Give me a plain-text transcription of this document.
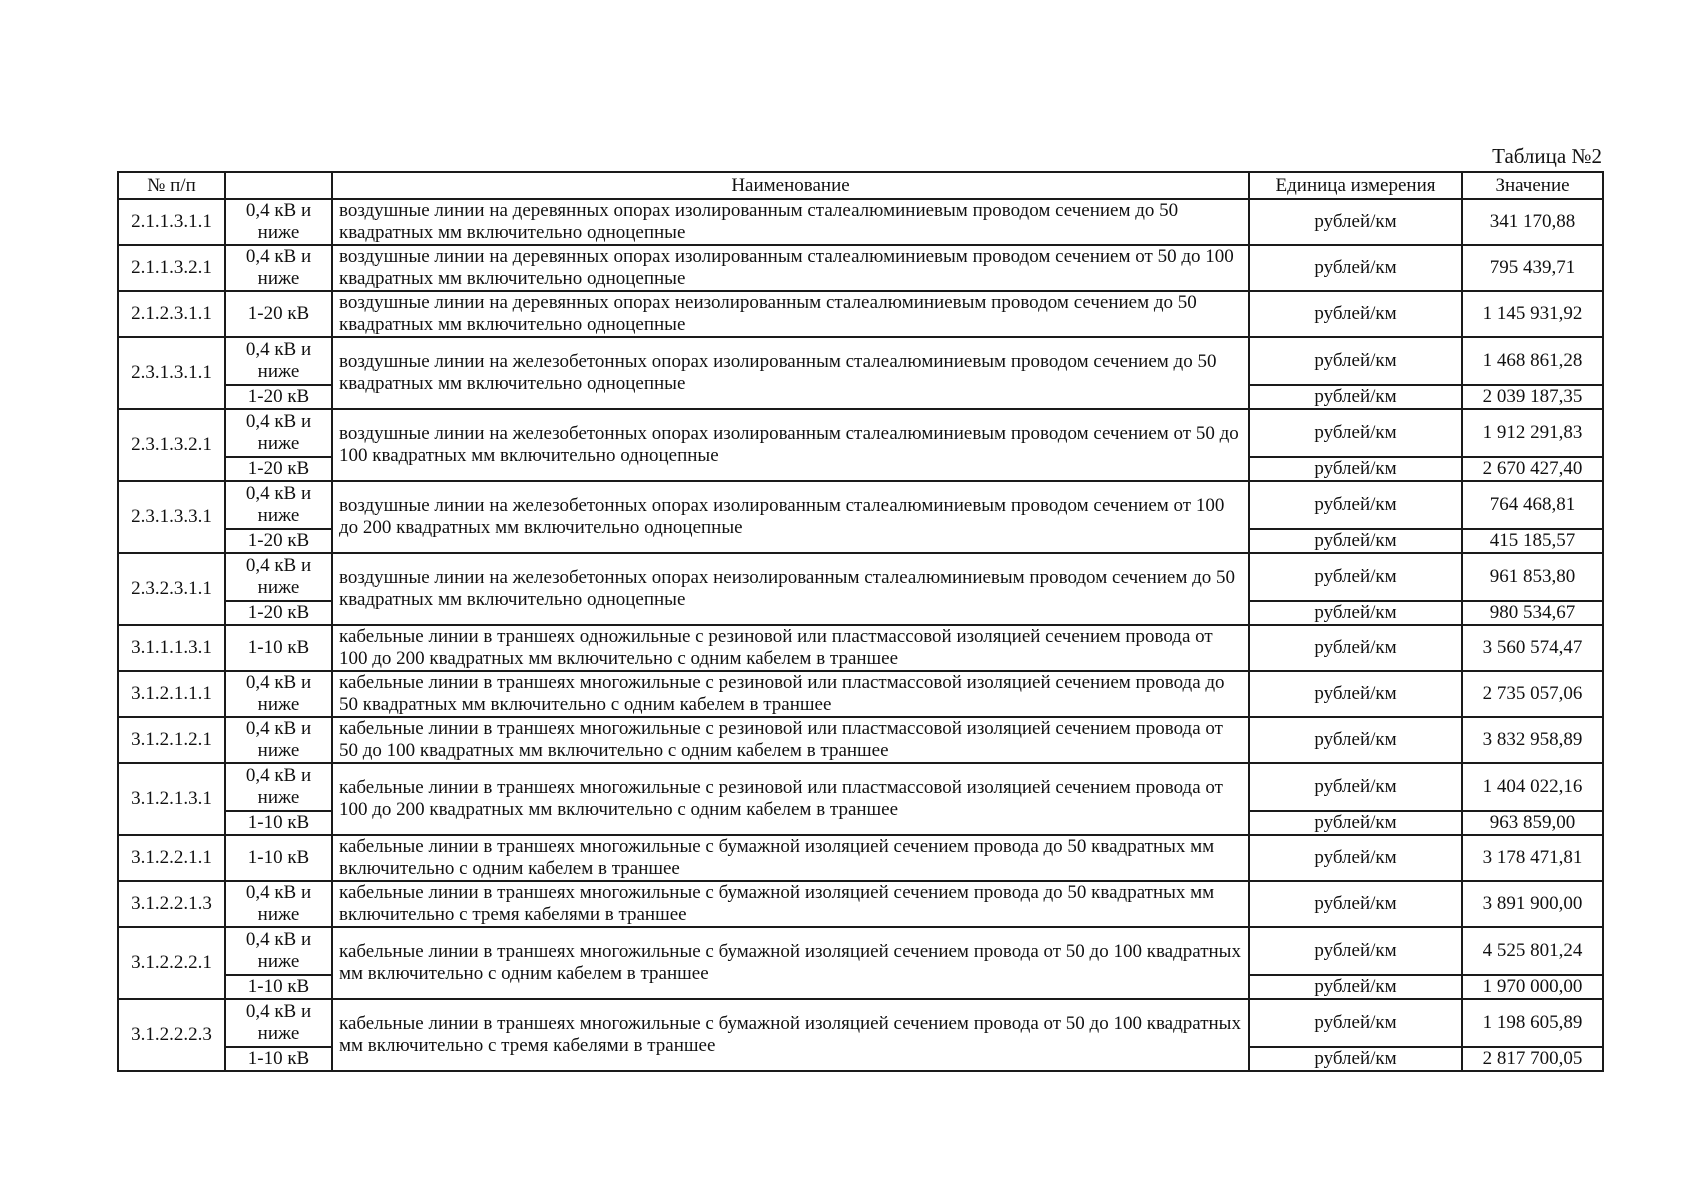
Таблица №2
№ п/п		Наименование	Единица измерения	Значение
2.1.1.3.1.1	0,4 кВ и ниже	воздушные линии на деревянных опорах изолированным сталеалюминиевым проводом сечением до 50 квадратных мм включительно одноцепные	рублей/км	341 170,88
2.1.1.3.2.1	0,4 кВ и ниже	воздушные линии на деревянных опорах изолированным сталеалюминиевым проводом сечением от 50 до 100 квадратных мм включительно одноцепные	рублей/км	795 439,71
2.1.2.3.1.1	1-20 кВ	воздушные линии на деревянных опорах неизолированным сталеалюминиевым проводом сечением до 50 квадратных мм включительно одноцепные	рублей/км	1 145 931,92
2.3.1.3.1.1	0,4 кВ и ниже	воздушные линии на железобетонных опорах изолированным сталеалюминиевым проводом сечением до 50 квадратных мм включительно одноцепные	рублей/км	1 468 861,28
	1-20 кВ		рублей/км	2 039 187,35
2.3.1.3.2.1	0,4 кВ и ниже	воздушные линии на железобетонных опорах изолированным сталеалюминиевым проводом сечением от 50 до 100 квадратных мм включительно одноцепные	рублей/км	1 912 291,83
	1-20 кВ		рублей/км	2 670 427,40
2.3.1.3.3.1	0,4 кВ и ниже	воздушные линии на железобетонных опорах изолированным сталеалюминиевым проводом сечением от 100 до 200 квадратных мм включительно одноцепные	рублей/км	764 468,81
	1-20 кВ		рублей/км	415 185,57
2.3.2.3.1.1	0,4 кВ и ниже	воздушные линии на железобетонных опорах неизолированным сталеалюминиевым проводом сечением до 50 квадратных мм включительно одноцепные	рублей/км	961 853,80
	1-20 кВ		рублей/км	980 534,67
3.1.1.1.3.1	1-10 кВ	кабельные линии в траншеях одножильные с резиновой или пластмассовой изоляцией сечением провода от 100 до 200 квадратных мм включительно с одним кабелем в траншее	рублей/км	3 560 574,47
3.1.2.1.1.1	0,4 кВ и ниже	кабельные линии в траншеях многожильные с резиновой или пластмассовой изоляцией сечением провода до 50 квадратных мм включительно с одним кабелем в траншее	рублей/км	2 735 057,06
3.1.2.1.2.1	0,4 кВ и ниже	кабельные линии в траншеях многожильные с резиновой или пластмассовой изоляцией сечением провода от 50 до 100 квадратных мм включительно с одним кабелем в траншее	рублей/км	3 832 958,89
3.1.2.1.3.1	0,4 кВ и ниже	кабельные линии в траншеях многожильные с резиновой или пластмассовой изоляцией сечением провода от 100 до 200 квадратных мм включительно с одним кабелем в траншее	рублей/км	1 404 022,16
	1-10 кВ		рублей/км	963 859,00
3.1.2.2.1.1	1-10 кВ	кабельные линии в траншеях многожильные с бумажной изоляцией сечением провода до 50 квадратных мм включительно с одним кабелем в траншее	рублей/км	3 178 471,81
3.1.2.2.1.3	0,4 кВ и ниже	кабельные линии в траншеях многожильные с бумажной изоляцией сечением провода до 50 квадратных мм включительно с тремя кабелями в траншее	рублей/км	3 891 900,00
3.1.2.2.2.1	0,4 кВ и ниже	кабельные линии в траншеях многожильные с бумажной изоляцией сечением провода от 50 до 100 квадратных мм включительно с одним кабелем в траншее	рублей/км	4 525 801,24
	1-10 кВ		рублей/км	1 970 000,00
3.1.2.2.2.3	0,4 кВ и ниже	кабельные линии в траншеях многожильные с бумажной изоляцией сечением провода от 50 до 100 квадратных мм включительно с тремя кабелями в траншее	рублей/км	1 198 605,89
	1-10 кВ		рублей/км	2 817 700,05
